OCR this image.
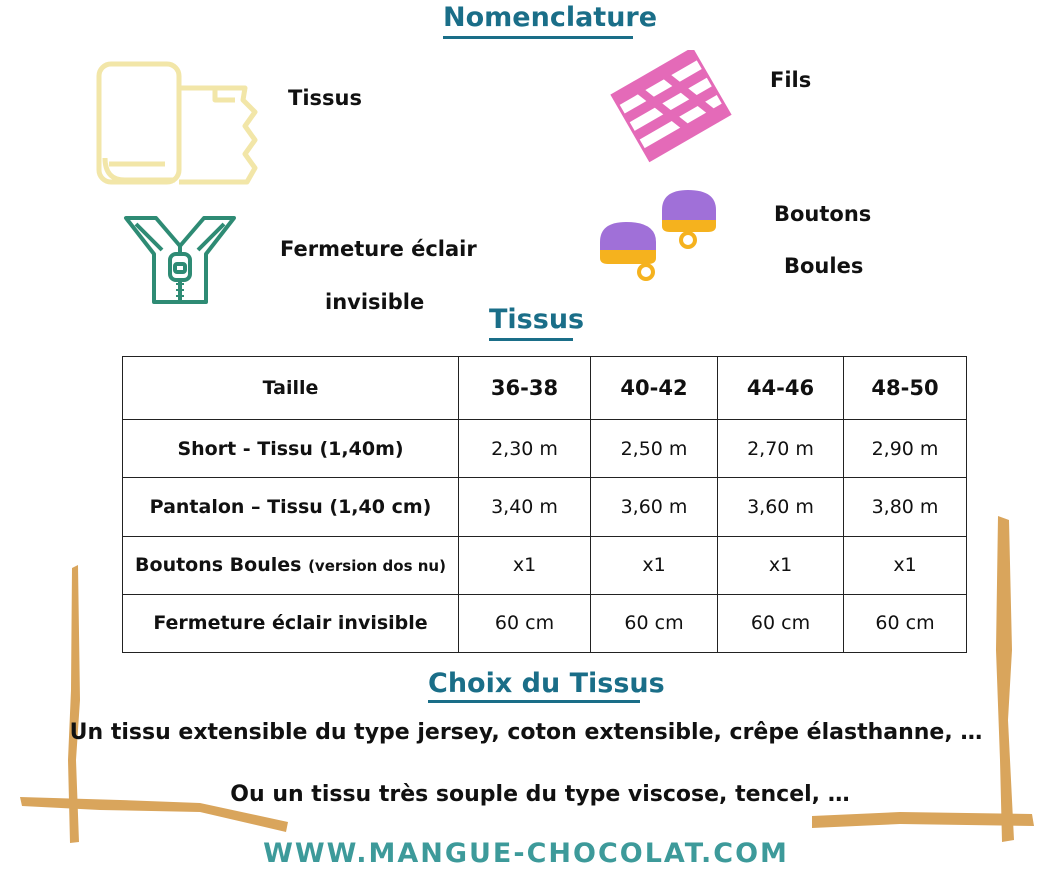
Nomenclature
Tissus
Fils
Fermeture éclair
invisible
Boutons
Boules
Tissus
Taille	36-38	40-42	44-46	48-50
Short - Tissu (1,40m)	2,30 m	2,50 m	2,70 m	2,90 m
Pantalon – Tissu (1,40 cm)	3,40 m	3,60 m	3,60 m	3,80 m
Boutons Boules (version dos nu)	x1	x1	x1	x1
Fermeture éclair invisible	60 cm	60 cm	60 cm	60 cm
Choix du Tissus
Un tissu extensible du type jersey, coton extensible, crêpe élasthanne, …
Ou un tissu très souple du type viscose, tencel, …
WWW.MANGUE-CHOCOLAT.COM
